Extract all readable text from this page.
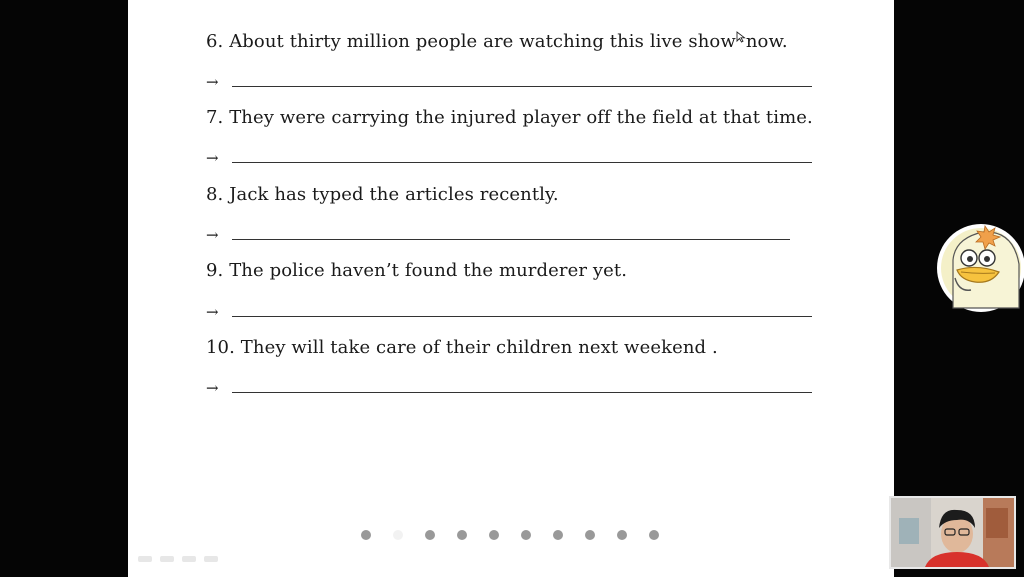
6. About thirty million people are watching this live show now.
→
7. They were carrying the injured player off the field at that time.
→
8. Jack has typed the articles recently.
→
9. The police haven’t found the murderer yet.
→
10. They will take care of their children next weekend .
→
